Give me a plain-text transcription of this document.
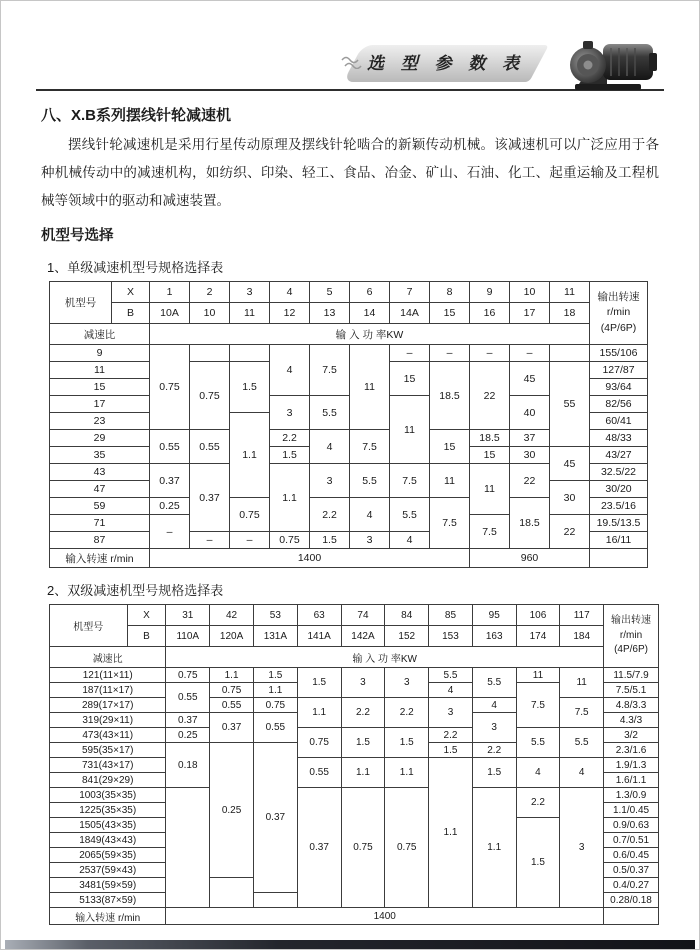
选 型 参 数 表
八、X.B系列摆线针轮减速机
摆线针轮减速机是采用行星传动原理及摆线针轮啮合的新颖传动机械。该减速机可以广泛应用于各种机械传动中的减速机构，如纺织、印染、轻工、食品、冶金、矿山、石油、化工、起重运输及工程机械等领域中的驱动和减速装置。
机型号选择
1、单级减速机型号规格选择表
机型号	X	1	2	3	4	5	6	7	8	9	10	11	输出转速
r/min
(4P/6P)
	B	10A	10	11	12	13	14	14A	15	16	17	18	
减速比		输 入 功 率KW											
9		0.75			4	7.5	11	–	–	–	–		155/106
11			0.75	1.5				15	18.5	22	45	55	127/87
15													93/64
17					3	5.5		11			40		82/56
23				1.1									60/41
29		0.55	0.55		2.2	4	7.5		15	18.5	37		48/33
35					1.5					15	30	45	43/27
43		0.37	0.37		1.1	3	5.5	7.5	11	11	22		32.5/22
47												30	30/20
59		0.25		0.75		2.2	4	5.5	7.5		18.5		23.5/16
71		–								7.5		22	19.5/13.5
87			–	–	0.75	1.5	3	4					16/11
输入转速 r/min		1400								960			
2、双级减速机型号规格选择表
机型号	X	31	42	53	63	74	84	85	95	106	117	输出转速
r/min
(4P/6P)
	B	110A	120A	131A	141A	142A	152	153	163	174	184	
减速比		输 入 功 率KW										
121(11×11)		0.75	1.1	1.5	1.5	3	3	5.5	5.5	11	11	11.5/7.9
187(11×17)		0.55	0.75	1.1				4		7.5		7.5/5.1
289(17×17)			0.55	0.75	1.1	2.2	2.2	3	4		7.5	4.8/3.3
319(29×11)		0.37	0.37	0.55					3			4.3/3
473(43×11)		0.25			0.75	1.5	1.5	2.2		5.5	5.5	3/2
595(35×17)		0.18	0.25	0.37				1.5	2.2			2.3/1.6
731(43×17)					0.55	1.1	1.1	1.1	1.5	4	4	1.9/1.3
841(29×29)												1.6/1.1
1003(35×35)					0.37	0.75	0.75		1.1	2.2	3	1.3/0.9
1225(35×35)												1.1/0.45
1505(43×35)										1.5		0.9/0.63
1849(43×43)												0.7/0.51
2065(59×35)												0.6/0.45
2537(59×43)												0.5/0.37
3481(59×59)												0.4/0.27
5133(87×59)												0.28/0.18
输入转速 r/min		1400										
